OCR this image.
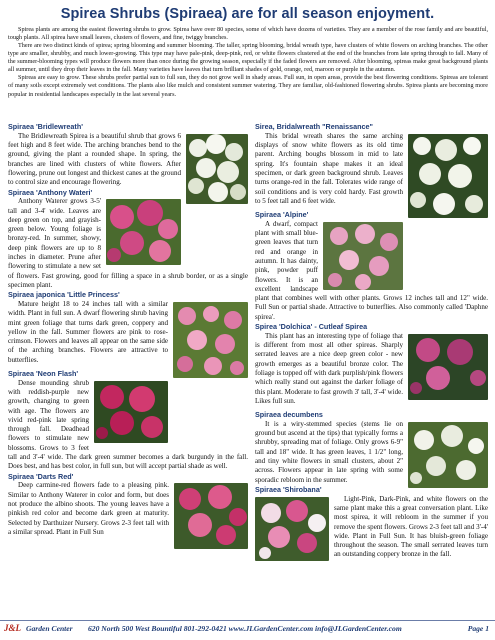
Spirea Shrubs (Spiraea) are for all season enjoyment.

Spirea plants are among the easiest flowering shrubs to grow. Spirea have over 80 species, some of which have dozens of varieties. They are a member of the rose family and are beautiful, tough plants. All spirea have small leaves, clusters of flowers, and fine, twiggy branches.

There are two distinct kinds of spirea; spring blooming and summer blooming. The taller, spring blooming, bridal wreath type, have clusters of white flowers on arching branches. The other type are smaller, shrubby, and much lower-growing. This type may have pale-pink, deep-pink, red, or white flowers clustered at the end of the branches from late spring through to fall. Many of the summer-blooming types will produce flowers more than once during the growing season, especially if the faded flowers are removed. After blooming, spireas make great background plants all summer, until they drop their leaves in the fall. Many varieties have leaves that turn brilliant shades of gold, orange, red, maroon or purple in the autumn.

Spireas are easy to grow. These shrubs prefer partial sun to full sun, they do not grow well in shady areas. Full sun, in open areas, provide the best flowering conditions. Spireas are tolerant of many soils except extremely wet conditions. The plants also like mulch and consistent summer watering. They are familiar, old-fashioned flowering shrubs. Spirea plants are becoming more popular in residential landscapes especially in the last several years.

Spiraea 'Bridlewreath'

The Bridlewreath Spirea is a beautiful shrub that grows 6 feet high and 8 feet wide. The arching branches bend to the ground, giving the plant a rounded shape. In spring, the branches are lined with clusters of white flowers. After flowering, prune out longest and thickest canes at the ground to control size and encourage flowering.

Spiraea 'Anthony Wateri'

Anthony Waterer grows 3-5' tall and 3-4' wide. Leaves are deep green on top, and grayish-green below. Young foliage is bronzy-red. In summer, showy, deep pink flowers are up to 8 inches in diameter. Prune after flowering to stimulate a new set of flowers. Fast growing, good for filling a space in a shrub border, or as a single specimen plant.

Spiraea japonica 'Little Princess'

Mature height 18 to 24 inches tall with a similar width. Plant in full sun. A dwarf flowering shrub having mint green foliage that turns dark green, coppery and yellow in the fall. Summer flowers are pink to rose-crimson. Flowers and leaves all appear on the same side of the arching branches. Flowers are attractive to butterflies.

Spiraea 'Neon Flash'

Dense mounding shrub with reddish-purple new growth, changing to green with age. The flowers are vivid red-pink late spring through fall. Deadhead flowers to stimulate new blossoms. Grows to 3 feet tall and 3'-4' wide. The dark green summer becomes a dark burgundy in the fall. Does best, and has best color, in full sun, but will accept partial shade as well.

Spiraea 'Darts Red'

Deep carmine-red flowers fade to a pleasing pink. Similar to Anthony Waterer in color and form, but does not produce the albino shoots. The young leaves have a pinkish red color and become dark green at maturity. Selected by Darthuizer Nursery. Grows 2-3 feet tall with a similar spread. Plant in Full Sun

Sirea, Bridalwreath "Renaissance"

This bridal wreath shares the same arching displays of snow white flowers as its old time parent. Arching boughs blossom in mid to late spring. It's fountain shape makes it an ideal specimen, or dark green background shrub. Leaves turns orange-red in the fall. Tolerates wide range of soil conditions and is very cold hardy. Fast growth to 5 feet tall and 6 feet wide.

Spiraea 'Alpine'

A dwarf, compact plant with small blue-green leaves that turn red and orange in autumn. It has dainty, pink, powder puff flowers. It is an excellent landscape plant that combines well with other plants. Grows 12 inches tall and 12" wide. Full Sun or partial shade. Attractive to butterflies. Also commonly called 'Daphne spirea'.

Spirea 'Dolchica' - Cutleaf Spirea

This plant has an interesting type of foliage that is different from most all other spireas. Sharply serrated leaves are a nice deep green color - new growth emerges as a beautiful bronze color. The foliage is topped off with dark purplish/pink flowers which really stand out against the darker foliage of this plant. Moderate to fast growth 3' tall, 3'-4' wide. Likes full sun.

Spiraea decumbens

It is a wiry-stemmed species (stems lie on ground but ascend at the tips) that typically forms a shrubby, spreading mat of foliage. Only grows 6-9" tall and 18" wide. It has green leaves, 1 1/2" long, and tiny white flowers in small clusters, about 2" across. Flowers appear in late spring with some sporadic rebloom in the summer.

Spiraea 'Shirobana'

Light-Pink, Dark-Pink, and white flowers on the same plant make this a great conversation plant. Like most spirea, it will rebloom in the summer if you remove the spent flowers. Grows 2-3 feet tall and 3'-4' wide. Plant in Full Sun. It has bluish-green foliage throughout the season. The small serrated leaves turn an outstanding coppery bronze in the fall.

J&L Garden Center 620 North 500 West Bountiful 801-292-0421 www.JLGardenCenter.com info@JLGardenCenter.com	Page 1
